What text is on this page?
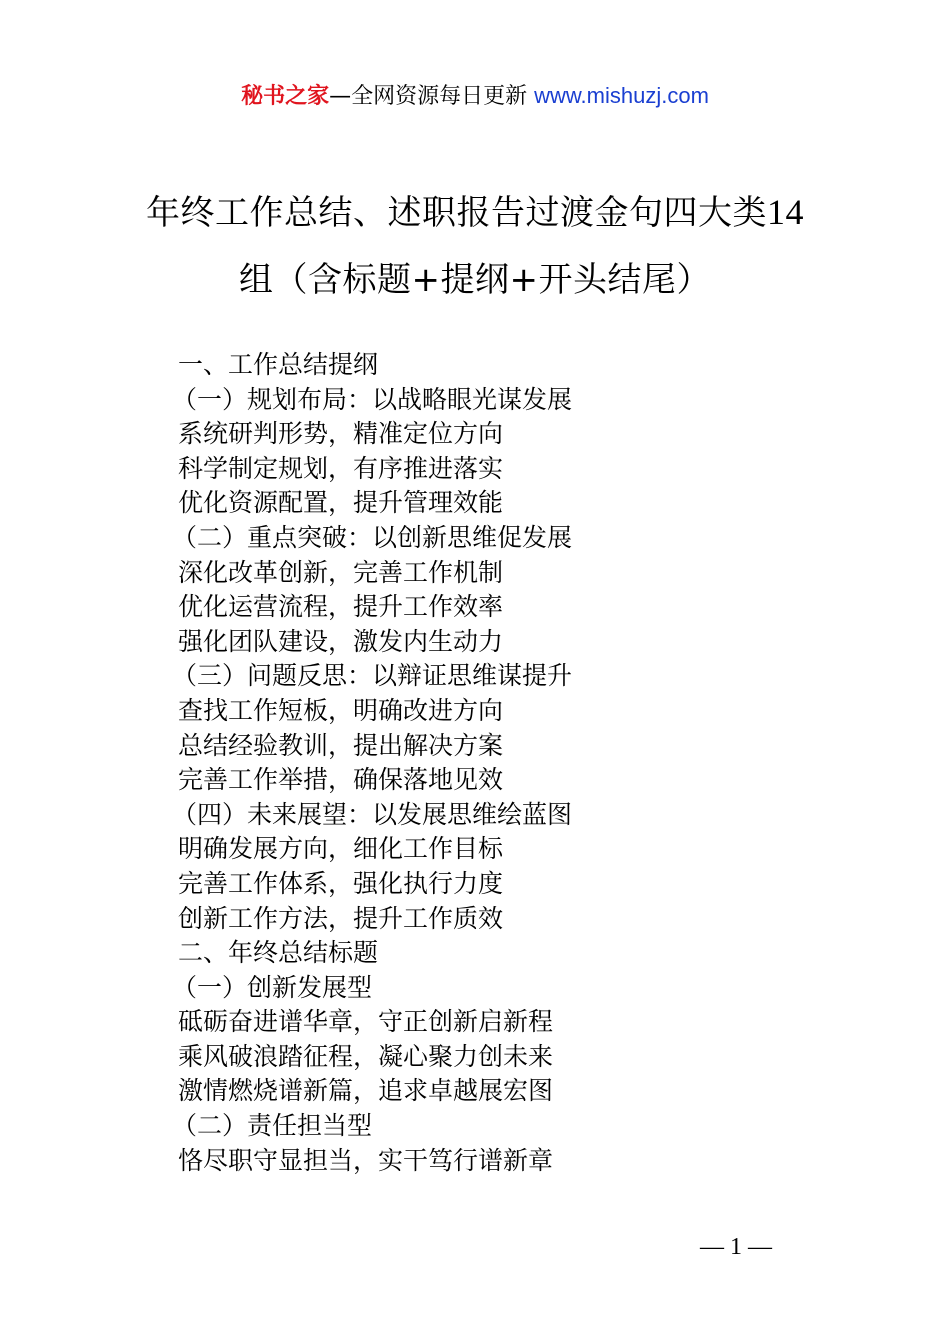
秘书之家—全网资源每日更新 www.mishuzj.com
年终工作总结、述职报告过渡金句四大类14
组（含标题+提纲+开头结尾）
一、工作总结提纲
（一）规划布局：以战略眼光谋发展
系统研判形势，精准定位方向
科学制定规划，有序推进落实
优化资源配置，提升管理效能
（二）重点突破：以创新思维促发展
深化改革创新，完善工作机制
优化运营流程，提升工作效率
强化团队建设，激发内生动力
（三）问题反思：以辩证思维谋提升
查找工作短板，明确改进方向
总结经验教训，提出解决方案
完善工作举措，确保落地见效
（四）未来展望：以发展思维绘蓝图
明确发展方向，细化工作目标
完善工作体系，强化执行力度
创新工作方法，提升工作质效
二、年终总结标题
（一）创新发展型
砥砺奋进谱华章，守正创新启新程
乘风破浪踏征程，凝心聚力创未来
激情燃烧谱新篇，追求卓越展宏图
（二）责任担当型
恪尽职守显担当，实干笃行谱新章
— 1 —
